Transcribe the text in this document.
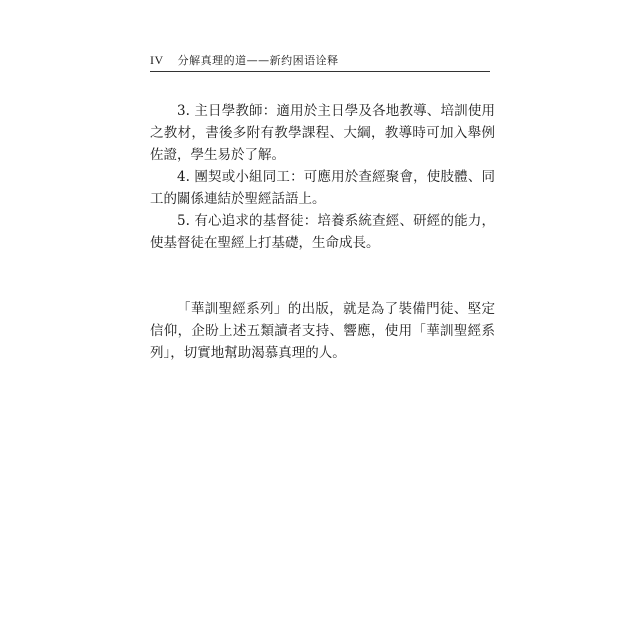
IV 分解真理的道——新约困语诠释

3. 主日學教師：適用於主日學及各地教導、培訓使用之教材，書後多附有教學課程、大綱，教導時可加入舉例佐證，學生易於了解。

4. 團契或小組同工：可應用於查經聚會，使肢體、同工的關係連結於聖經話語上。

5. 有心追求的基督徒：培養系統查經、研經的能力，使基督徒在聖經上打基礎，生命成長。

「華訓聖經系列」的出版，就是為了裝備門徒、堅定信仰，企盼上述五類讀者支持、響應，使用「華訓聖經系列」，切實地幫助渴慕真理的人。
